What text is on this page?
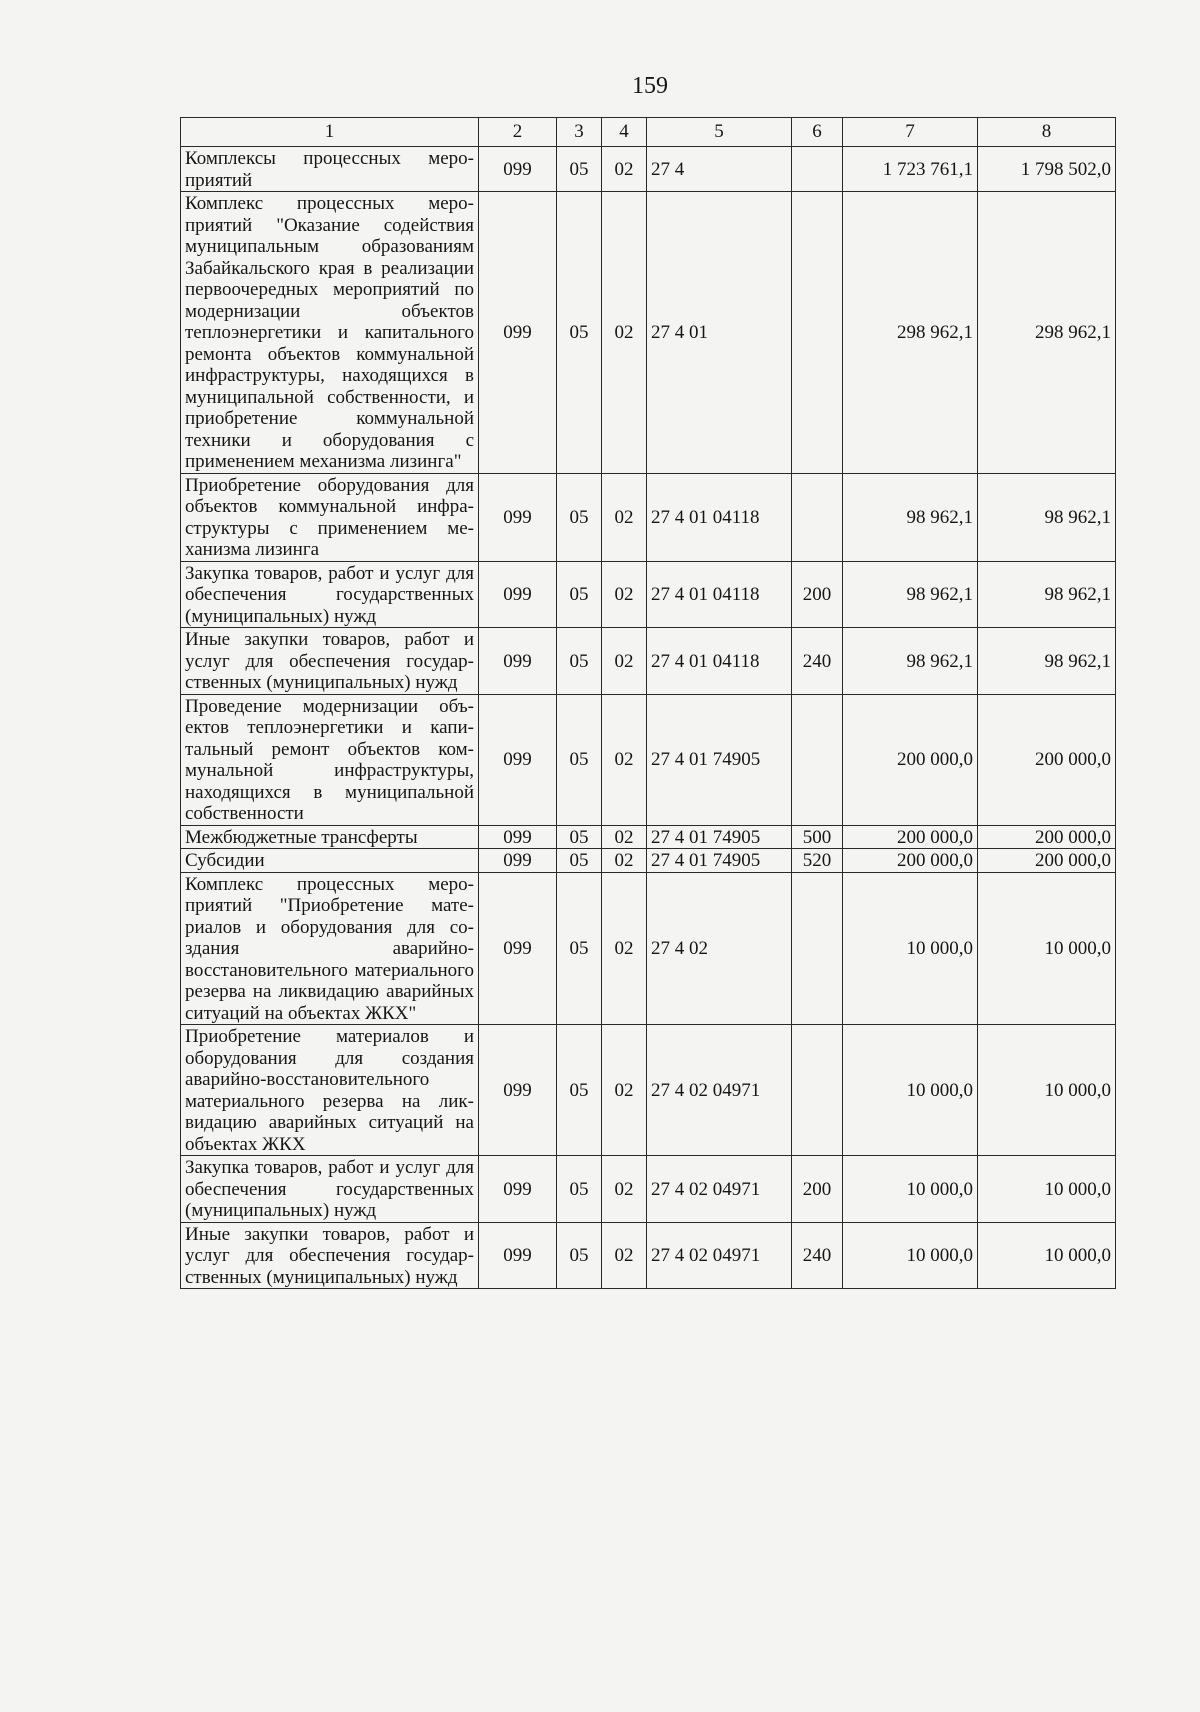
159
1	2	3	4	5	6	7	8
Комплексы процессных мероприятий	099	05	02	27 4		1 723 761,1	1 798 502,0
Комплекс процессных мероприятий "Оказание содействия муниципальным образованиям Забайкальского края в реализации первоочередных мероприятий по модернизации объектов теплоэнергетики и капитального ремонта объектов коммунальной инфраструктуры, находящихся в муниципальной собственности, и приобретение коммунальной техники и оборудования с применением механизма лизинга"	099	05	02	27 4 01		298 962,1	298 962,1
Приобретение оборудования для объектов коммунальной инфраструктуры с применением механизма лизинга	099	05	02	27 4 01 04118		98 962,1	98 962,1
Закупка товаров, работ и услуг для обеспечения государственных (муниципальных) нужд	099	05	02	27 4 01 04118	200	98 962,1	98 962,1
Иные закупки товаров, работ и услуг для обеспечения государственных (муниципальных) нужд	099	05	02	27 4 01 04118	240	98 962,1	98 962,1
Проведение модернизации объектов теплоэнергетики и капитальный ремонт объектов коммунальной инфраструктуры, находящихся в муниципальной собственности	099	05	02	27 4 01 74905		200 000,0	200 000,0
Межбюджетные трансферты	099	05	02	27 4 01 74905	500	200 000,0	200 000,0
Субсидии	099	05	02	27 4 01 74905	520	200 000,0	200 000,0
Комплекс процессных мероприятий "Приобретение материалов и оборудования для создания аварийно-восстановительного материального резерва на ликвидацию аварийных ситуаций на объектах ЖКХ"	099	05	02	27 4 02		10 000,0	10 000,0
Приобретение материалов и оборудования для создания аварийно-восстановительного материального резерва на ликвидацию аварийных ситуаций на объектах ЖКХ	099	05	02	27 4 02 04971		10 000,0	10 000,0
Закупка товаров, работ и услуг для обеспечения государственных (муниципальных) нужд	099	05	02	27 4 02 04971	200	10 000,0	10 000,0
Иные закупки товаров, работ и услуг для обеспечения государственных (муниципальных) нужд	099	05	02	27 4 02 04971	240	10 000,0	10 000,0
